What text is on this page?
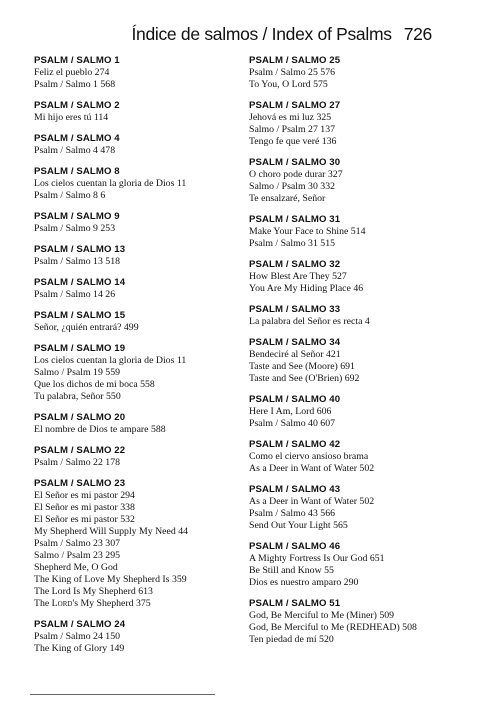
Índice de salmos / Index of Psalms 726
PSALM / SALMO 1
Feliz el pueblo 274
Psalm / Salmo 1 568
PSALM / SALMO 2
Mi hijo eres tú 114
PSALM / SALMO 4
Psalm / Salmo 4 478
PSALM / SALMO 8
Los cielos cuentan la gloria de Dios 11
Psalm / Salmo 8 6
PSALM / SALMO 9
Psalm / Salmo 9 253
PSALM / SALMO 13
Psalm / Salmo 13 518
PSALM / SALMO 14
Psalm / Salmo 14 26
PSALM / SALMO 15
Señor, ¿quién entrará? 499
PSALM / SALMO 19
Los cielos cuentan la gloria de Dios 11
Salmo / Psalm 19 559
Que los dichos de mi boca 558
Tu palabra, Señor 550
PSALM / SALMO 20
El nombre de Dios te ampare 588
PSALM / SALMO 22
Psalm / Salmo 22 178
PSALM / SALMO 23
El Señor es mi pastor 294
El Señor es mi pastor 338
El Señor es mi pastor 532
My Shepherd Will Supply My Need 44
Psalm / Salmo 23 307
Salmo / Psalm 23 295
Shepherd Me, O God
The King of Love My Shepherd Is 359
The Lord Is My Shepherd 613
The Lord's My Shepherd 375
PSALM / SALMO 24
Psalm / Salmo 24 150
The King of Glory 149
PSALM / SALMO 25
Psalm / Salmo 25 576
To You, O Lord 575
PSALM / SALMO 27
Jehová es mi luz 325
Salmo / Psalm 27 137
Tengo fe que veré 136
PSALM / SALMO 30
O choro pode durar 327
Salmo / Psalm 30 332
Te ensalzaré, Señor
PSALM / SALMO 31
Make Your Face to Shine 514
Psalm / Salmo 31 515
PSALM / SALMO 32
How Blest Are They 527
You Are My Hiding Place 46
PSALM / SALMO 33
La palabra del Señor es recta 4
PSALM / SALMO 34
Bendeciré al Señor 421
Taste and See (Moore) 691
Taste and See (O'Brien) 692
PSALM / SALMO 40
Here I Am, Lord 606
Psalm / Salmo 40 607
PSALM / SALMO 42
Como el ciervo ansioso brama
As a Deer in Want of Water 502
PSALM / SALMO 43
As a Deer in Want of Water 502
Psalm / Salmo 43 566
Send Out Your Light 565
PSALM / SALMO 46
A Mighty Fortress Is Our God 651
Be Still and Know 55
Dios es nuestro amparo 290
PSALM / SALMO 51
God, Be Merciful to Me (Miner) 509
God, Be Merciful to Me (REDHEAD) 508
Ten piedad de mí 520
